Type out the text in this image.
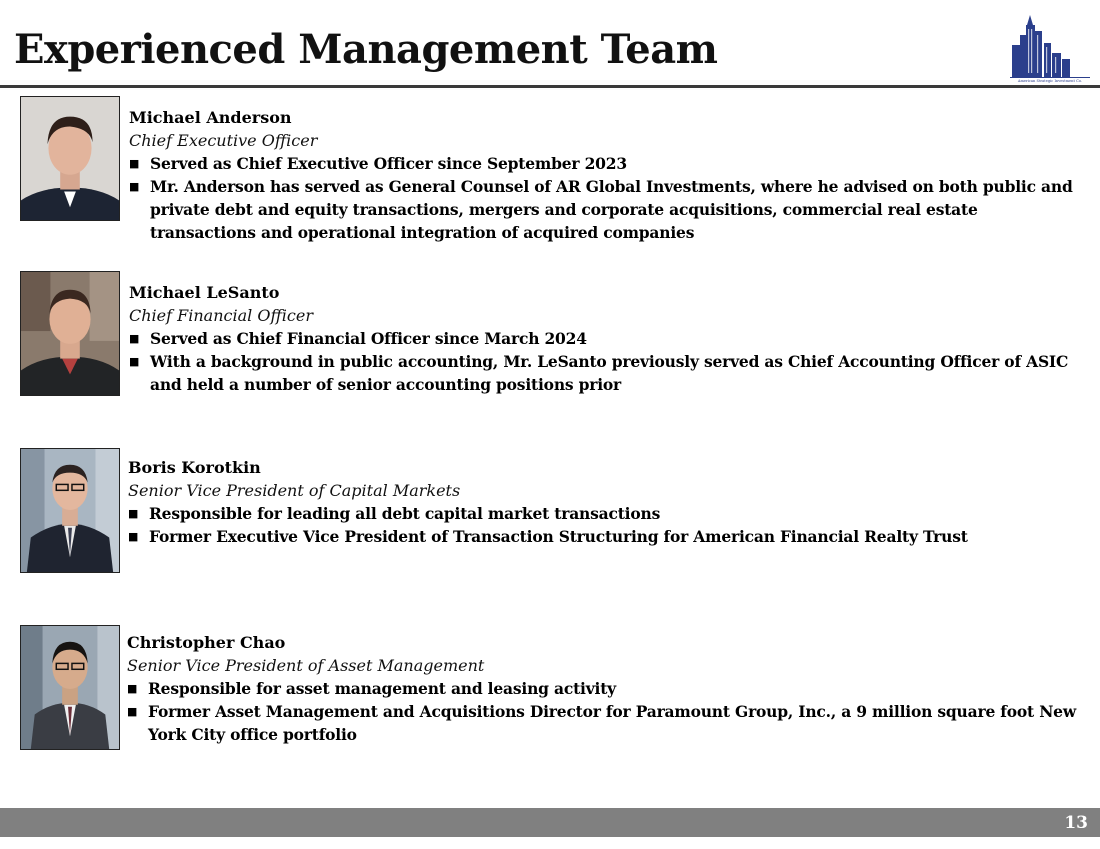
Experienced Management Team
American Strategic Investment Co.
Michael Anderson
Chief Executive Officer
■ Served as Chief Executive Officer since September 2023
■ Mr. Anderson has served as General Counsel of AR Global Investments, where he advised on both public and private debt and equity transactions, mergers and corporate acquisitions, commercial real estate transactions and operational integration of acquired companies
Michael LeSanto
Chief Financial Officer
■ Served as Chief Financial Officer since March 2024
■ With a background in public accounting, Mr. LeSanto previously served as Chief Accounting Officer of ASIC and held a number of senior accounting positions prior
Boris Korotkin
Senior Vice President of Capital Markets
■ Responsible for leading all debt capital market transactions
■ Former Executive Vice President of Transaction Structuring for American Financial Realty Trust
Christopher Chao
Senior Vice President of Asset Management
■ Responsible for asset management and leasing activity
■ Former Asset Management and Acquisitions Director for Paramount Group, Inc., a 9 million square foot New York City office portfolio
13
